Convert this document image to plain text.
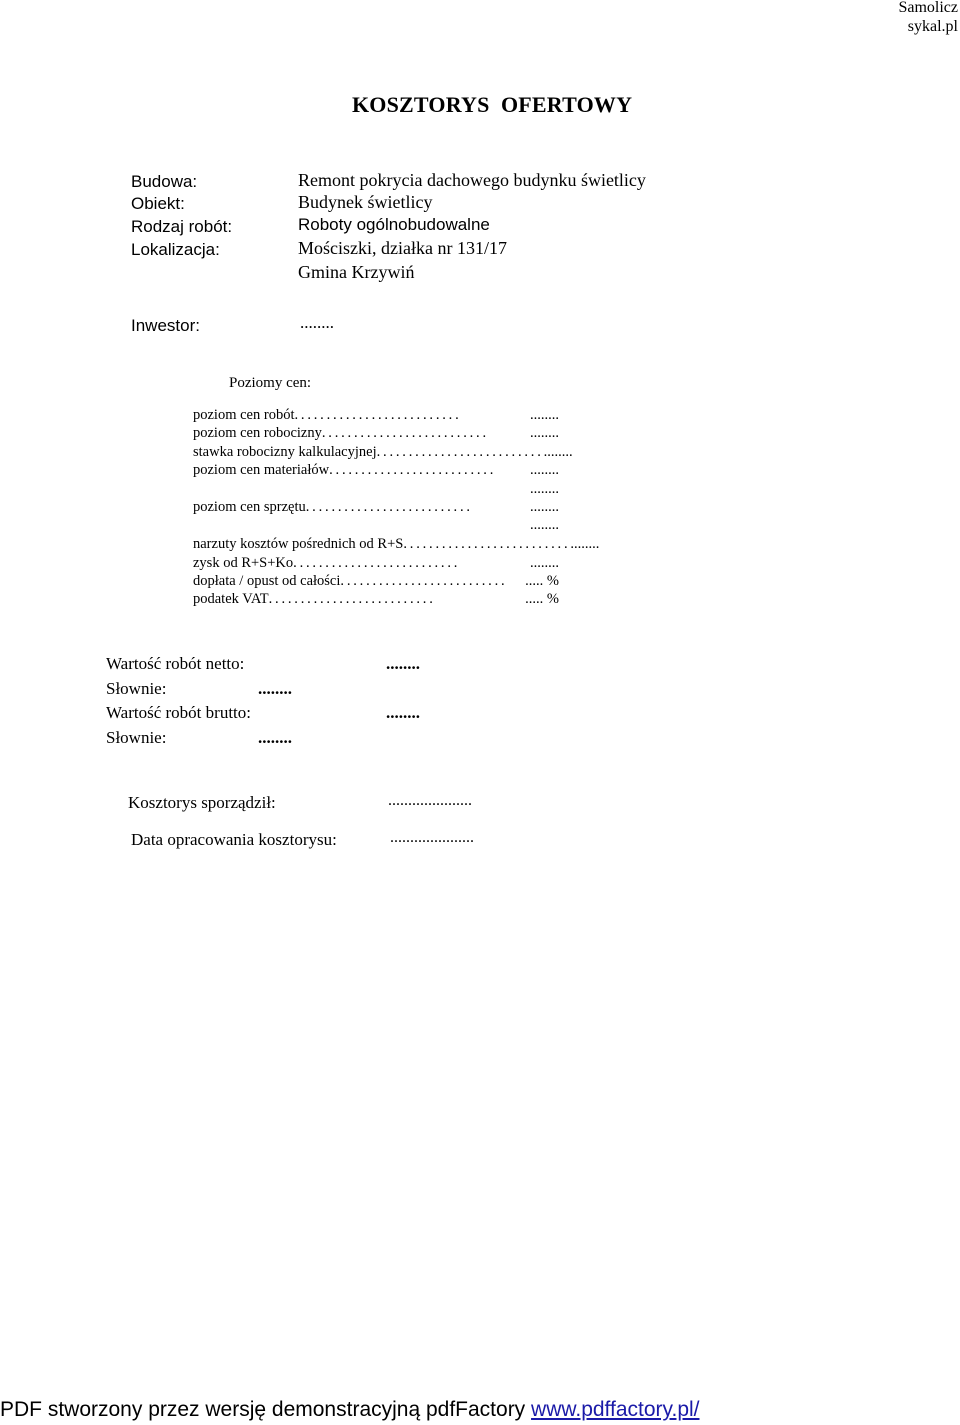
Samolicz
sykal.pl
KOSZTORYS  OFERTOWY
Budowa:	Remont pokrycia dachowego budynku świetlicy
Obiekt:	Budynek świetlicy
Rodzaj robót:	Roboty ogólnobudowalne
Lokalizacja:	Mościszki, działka nr 131/17
Gmina Krzywiń
Inwestor:	........
Poziomy cen:
poziom cen robót ..........................	........
poziom cen robocizny ..........................	........
stawka robocizny kalkulacyjnej .......................... ........
poziom cen materiałów ..........................	........
........
poziom cen sprzętu ..........................	........
........
narzuty kosztów pośrednich od R+S .......................... ........
zysk od R+S+Ko ..........................	........
dopłata / opust od całości ..........................	..... %
podatek VAT ..........................	..... %
Wartość robót netto:	........
Słownie:	........
Wartość robót brutto:	........
Słownie:	........
Kosztorys sporządził:	.....................
Data opracowania kosztorysu:	.....................
PDF stworzony przez wersję demonstracyjną pdfFactory www.pdffactory.pl/
